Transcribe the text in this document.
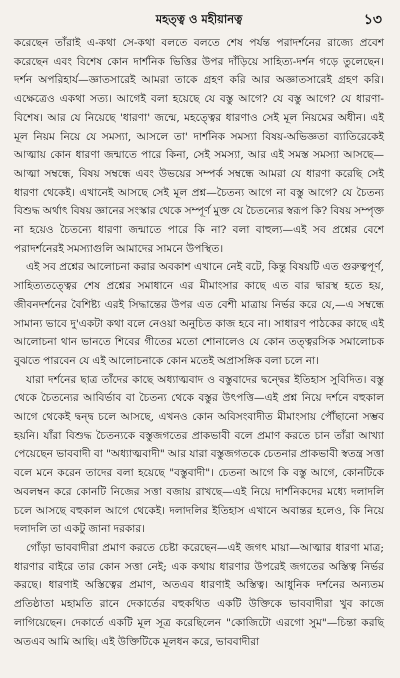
মহত্ত্ব ও মহীয়ানত্ব	১৩

করেছেন তাঁরাই এ-কথা সে-কথা বলতে বলতে শেষ পর্যন্ত পরাদর্শনের রাজ্যে প্রবেশ করেছেন এবং বিশেষ কোন দার্শনিক ভিত্তির উপর দাঁড়িয়ে সাহিত্য-দর্শন গড়ে তুলেছেন। দর্শন অপরিহার্য—জ্ঞাতসারেই আমরা তাকে গ্রহণ করি আর অজ্ঞাতসারেই গ্রহণ করি। এক্ষেত্রেও একথা সত্য। আগেই বলা হয়েছে যে বস্তু আগে? যে বস্তু আগে? যে ধারণা-বিশেষ। আর যে নিয়েছে 'ধারণা' জন্মে, মহত্ত্বের ধারণাও সেই মূল নিয়মের অধীন। এই মূল নিয়ম নিয়ে যে সমস্যা, আসলে তা' দার্শনিক সমস্যা বিষয়-অভিজ্ঞতা ব্যাতিরেকেই আত্মায় কোন ধারণা জন্মাতে পারে কিনা, সেই সমস্যা, আর এই সমস্ত সমস্যা আসছে—আত্মা সম্বন্ধে, বিষয় সম্বন্ধে এবং উভয়ের সম্পর্ক সম্বন্ধে আমরা যে ধারণা করেছি সেই ধারণা থেকেই। এখানেই আসছে সেই মূল প্রশ্ন—চৈতন্য আগে না বস্তু আগে? যে চৈতন্য বিশুদ্ধ অর্থাৎ বিষয় জ্ঞানের সংস্কার থেকে সম্পূর্ণ মুক্ত যে চৈতন্যের স্বরূপ কি? বিষয় সম্পৃক্ত না হয়েও চৈতন্যে ধারণা জন্মাতে পারে কি না? বলা বাহুল্য—এই সব প্রশ্নের বেশে পরাদর্শনেরই সমস্যাগুলি আমাদের সামনে উপস্থিত।

এই সব প্রশ্নের আলোচনা করার অবকাশ এখানে নেই বটে, কিন্তু বিষয়টি এত গুরুত্বপূর্ণ, সাহিত্যতত্ত্বের শেষ প্রশ্নের সমাধানে এর মীমাংসার কাছে এত বার দ্বারস্থ হতে হয়, জীবনদর্শনের বৈশিষ্ট্য এরই সিদ্ধান্তের উপর এত বেশী মাত্রায় নির্ভর করে যে,—এ সম্বন্ধে সামান্য ভাবে দু'একটা কথা বলে নেওয়া অনুচিত কাজ হবে না। সাধারণ পাঠকের কাছে এই আলোচনা থান ভানতে শিবের গীতের মতো শোনালেও যে কোন তত্ত্বরসিক সমালোচক বুঝতে পারবেন যে এই আলোচনাকে কোন মতেই অপ্রাসঙ্গিক বলা চলে না।

যারা দর্শনের ছাত্র তাঁদের কাছে অধ্যাত্মবাদ ও বস্তুবাদের দ্বন্দ্বের ইতিহাস সুবিদিত। বস্তু থেকে চৈতন্যের আবির্ভাব বা চৈতন্য থেকে বস্তুর উৎপত্তি—এই প্রশ্ন নিয়ে দর্শনে বহুকাল আগে থেকেই দ্বন্দ্ব চলে আসছে, এখনও কোন অবিসংবাদীত মীমাংসায় পৌঁছানো সম্ভব হয়নি। যাঁরা বিশুদ্ধ চৈতন্যকে বস্তুজগতের প্রাকভাবী বলে প্রমাণ করতে চান তাঁরা আখ্যা পেয়েছেন ভাববাদী বা "অধ্যাত্মবাদী" আর যারা বস্তুজগতকে চেতনার প্রাকভাবী স্বতন্ত্র সত্তা বলে মনে করেন তাদের বলা হয়েছে "বস্তুবাদী"। চেতনা আগে কি বস্তু আগে, কোনটিকে অবলম্বন করে কোনটি নিজের সত্তা বজায় রাখছে—এই নিয়ে দার্শনিকদের মধ্যে দলাদলি চলে আসছে বহুকাল আগে থেকেই। দলাদলির ইতিহাস এখানে অবান্তর হলেও, কি নিয়ে দলাদলি তা একটু জানা দরকার।

গোঁড়া ভাববাদীরা প্রমাণ করতে চেষ্টা করেছেন—এই জগৎ মায়া—আত্মার ধারণা মাত্র; ধারণার বাইরে তার কোন সত্তা নেই; এক কথায় ধারণার উপরেই জগতের অস্তিত্ব নির্ভর করছে। ধারণাই অস্তিত্বের প্রমাণ, অতএব ধারণাই অস্তিত্ব। আধুনিক দর্শনের অন্যতম প্রতিষ্ঠাতা মহামতি রানে দেকার্তের বহুকথিত একটি উক্তিকে ভাববাদীরা খুব কাজে লাগিয়েছেন। দেকার্তে একটি মূল সূত্র করেছিলেন "কোজিটো এরগো সুম"—চিন্তা করছি অতএব আমি আছি। এই উক্তিটিকে মূলধন করে, ভাববাদীরা
